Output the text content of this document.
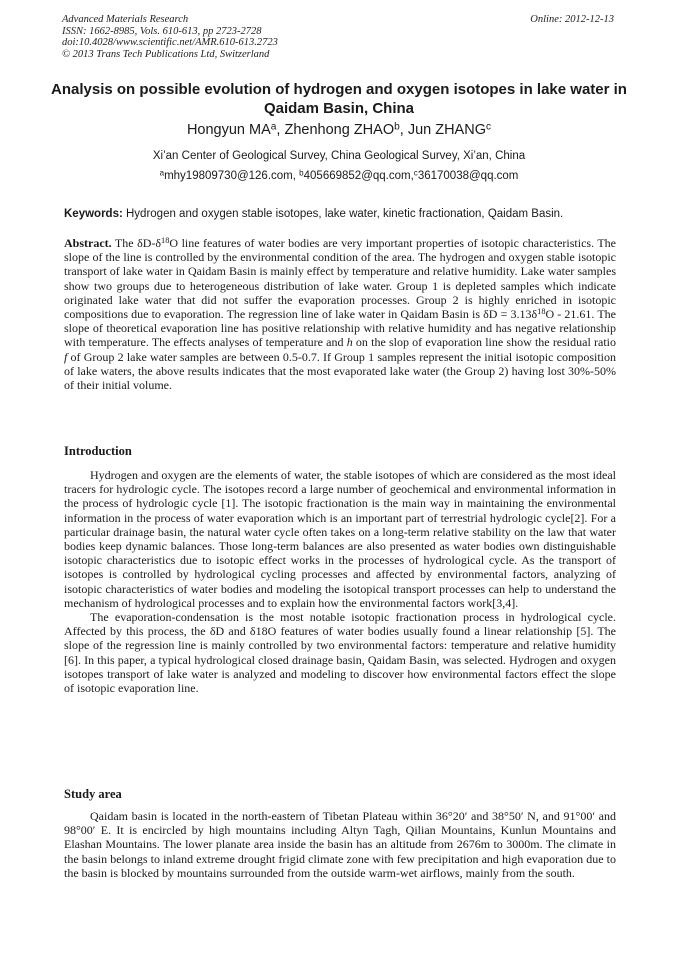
Advanced Materials Research
ISSN: 1662-8985, Vols. 610-613, pp 2723-2728
doi:10.4028/www.scientific.net/AMR.610-613.2723
© 2013 Trans Tech Publications Ltd, Switzerland
Online: 2012-12-13
Analysis on possible evolution of hydrogen and oxygen isotopes in lake water in Qaidam Basin, China
Hongyun $MA^a$, Zhenhong ZHAO$^b$, Jun ZHANG$^c$
Xi’an Center of Geological Survey, China Geological Survey, Xi’an, China
$^a$mhy19809730@126.com, $^b$405669852@qq.com,$^c$36170038@qq.com
Keywords: Hydrogen and oxygen stable isotopes, lake water, kinetic fractionation, Qaidam Basin.
Abstract. The $\delta D-\delta^{18}O$ line features of water bodies are very important properties of isotopic characteristics. The slope of the line is controlled by the environmental condition of the area. The hydrogen and oxygen stable isotopic transport of lake water in Qaidam Basin is mainly effect by temperature and relative humidity. Lake water samples show two groups due to heterogeneous distribution of lake water. Group 1 is depleted samples which indicate originated lake water that did not suffer the evaporation processes. Group 2 is highly enriched in isotopic compositions due to evaporation. The regression line of lake water in Qaidam Basin is $\delta D = 3.13\delta^{18}O - 21.61$. The slope of theoretical evaporation line has positive relationship with relative humidity and has negative relationship with temperature. The effects analyses of temperature and h on the slop of evaporation line show the residual ratio f of Group 2 lake water samples are between 0.5-0.7. If Group 1 samples represent the initial isotopic composition of lake waters, the above results indicates that the most evaporated lake water (the Group 2) having lost 30%-50% of their initial volume.
Introduction

Hydrogen and oxygen are the elements of water, the stable isotopes of which are considered as the most ideal tracers for hydrologic cycle. The isotopes record a large number of geochemical and environmental information in the process of hydrologic cycle [1]. The isotopic fractionation is the main way in maintaining the environmental information in the process of water evaporation which is an important part of terrestrial hydrologic cycle[2]. For a particular drainage basin, the natural water cycle often takes on a long-term relative stability on the law that water bodies keep dynamic balances. Those long-term balances are also presented as water bodies own distinguishable isotopic characteristics due to isotopic effect works in the processes of hydrological cycle. As the transport of isotopes is controlled by hydrological cycling processes and affected by environmental factors, analyzing of isotopic characteristics of water bodies and modeling the isotopical transport processes can help to understand the mechanism of hydrological processes and to explain how the environmental factors work[3,4].

The evaporation-condensation is the most notable isotopic fractionation process in hydrological cycle. Affected by this process, the δD and δ18O features of water bodies usually found a linear relationship [5]. The slope of the regression line is mainly controlled by two environmental factors: temperature and relative humidity [6]. In this paper, a typical hydrological closed drainage basin, Qaidam Basin, was selected. Hydrogen and oxygen isotopes transport of lake water is analyzed and modeling to discover how environmental factors effect the slope of isotopic evaporation line.

Study area

Qaidam basin is located in the north-eastern of Tibetan Plateau within 36°20′ and 38°50′ N, and 91°00′ and 98°00′ E. It is encircled by high mountains including Altyn Tagh, Qilian Mountains, Kunlun Mountains and Elashan Mountains. The lower planate area inside the basin has an altitude from 2676m to 3000m. The climate in the basin belongs to inland extreme drought frigid climate zone with few precipitation and high evaporation due to the basin is blocked by mountains surrounded from the outside warm-wet airflows, mainly from the south.
